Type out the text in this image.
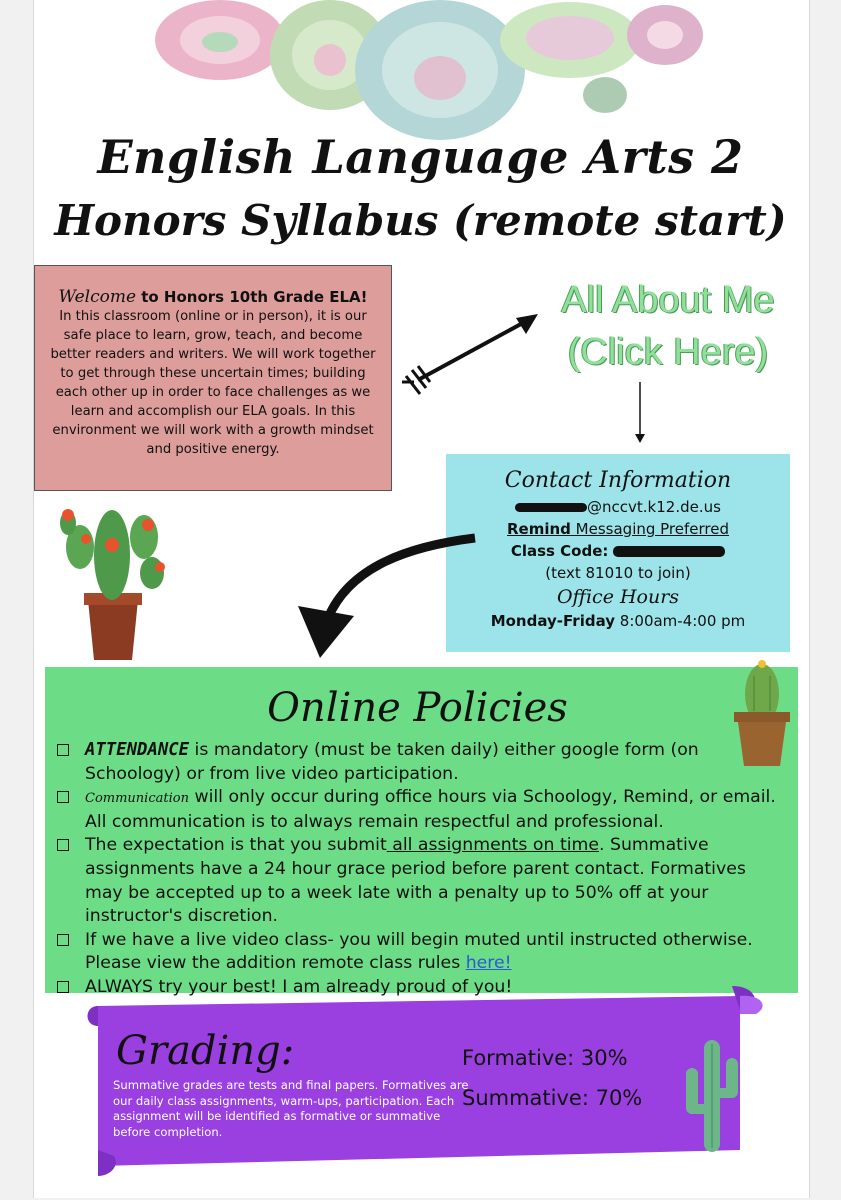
English Language Arts 2
Honors Syllabus (remote start)
Welcome to Honors 10th Grade ELA!
In this classroom (online or in person), it is our safe place to learn, grow, teach, and become better readers and writers. We will work together to get through these uncertain times; building each other up in order to face challenges as we learn and accomplish our ELA goals. In this environment we will work with a growth mindset and positive energy.
All About Me
(Click Here)
Contact Information
@nccvt.k12.de.us
Remind Messaging Preferred
Class Code:
(text 81010 to join)
Office Hours
Monday-Friday 8:00am-4:00 pm
Online Policies
ATTENDANCE is mandatory (must be taken daily) either google form (on Schoology) or from live video participation.
Communication will only occur during office hours via Schoology, Remind, or email. All communication is to always remain respectful and professional.
The expectation is that you submit all assignments on time. Summative assignments have a 24 hour grace period before parent contact. Formatives may be accepted up to a week late with a penalty up to 50% off at your instructor's discretion.
If we have a live video class- you will begin muted until instructed otherwise. Please view the addition remote class rules here!
ALWAYS try your best! I am already proud of you!
Grading:
Summative grades are tests and final papers. Formatives are our daily class assignments, warm-ups, participation. Each assignment will be identified as formative or summative before completion.
Formative: 30%
Summative: 70%
